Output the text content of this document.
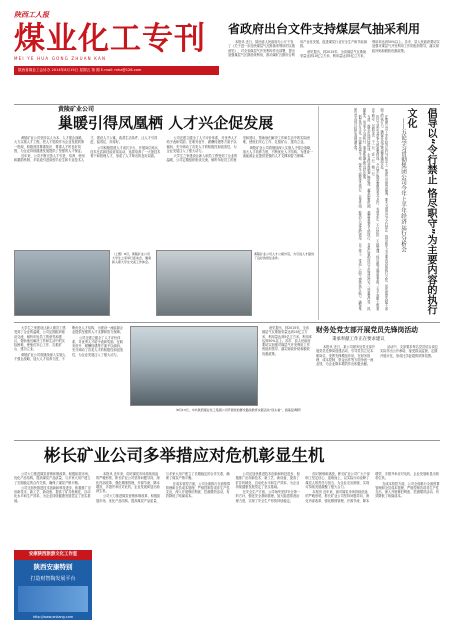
陕西工人报
煤业化工专刊
MEI YE HUA GONG ZHUAN KAN
陕西省煤业工会协办 2014年8月15日 星期五 第 期 E-mail: mhz@126.com
省政府出台文件支持煤层气抽采利用

本报讯 近日，陕西省人民政府办公厅下发了《关于进一步加快煤层气瓦斯抽采利用的实施意见》，对全省煤层气开发利用作出部署，提出加强煤层气瓦斯抽采利用，推动煤矿瓦斯综合利用产业化发展，促进煤炭行业安全生产和节能减排。

意见提出，到2015年，全省煤层气瓦斯抽采量达到10亿立方米，利用量达到5亿立方米，利用率达到50%以上。各市、县人民政府要切实加强对煤层气开发利用工作的组织领导，落实财政补贴和税收优惠政策。

黄陵矿业公司
巢暖引得凤凰栖 人才兴企促发展

黄陵矿业公司坚持以人为本、人才强企战略，大力实施人才工程，把人才资源作为企业发展的第一资源，积极营造尊重知识、尊重人才的良好氛围，为企业持续健康发展提供了坚强的人才保证。

近年来，公司不断完善人才引进、培养、使用和激励机制，多渠道引进高校毕业生和专业技术人才，建设人才公寓，改善生活条件，让人才引得进、留得住、用得好。

公司积极搭建人才成长平台，开展岗位练兵、技术比武和技能竞赛活动，选拔培养了一大批技术骨干和管理人才，形成了人才辈出的良好局面。

公司还建立健全了人才评价体系，对优秀人才给予表彰奖励，在职务晋升、薪酬待遇等方面予以倾斜，充分调动了各类人才的积极性和创造性，为企业发展注入了强大动力。

大学生之家建设让新入职员工感受到了企业的温暖，公司定期组织座谈交流，倾听年轻员工的意见和建议，帮助他们解决工作和生活中的实际困难，使他们安心工作、扎根矿山、建功立业。

黄陵矿业公司将继续深入实施人才强企战略，加大人才培养力度，不断优化人才结构，为建设一流能源企业提供坚强的人才支撑和智力保障。

（上图）8月，黄陵矿业公司大学生之家举行座谈会，邀请新入职大学生交流工作体会。
黄陵矿业公司人才公寓外景，为引进人才提供了良好的居住条件。	在集团公司上半年经济运行分析会上，集团公司领导强调，要大力倡导以“令行禁止、恪尽职守”为主要内容的执行文化，切实提高各级干部职工的执行力，确保各项决策部署落到实处。

执行力是企业竞争力的重要体现。令行禁止就是要做到有令必行、有禁必止，不打折扣、不搞变通；恪尽职守就是要求每一名干部职工都要忠于职守、尽职尽责，干一行、爱一行、精一行。

当前，煤炭市场持续低迷，企业经营面临严峻挑战。越是困难时期，越需要强有力的执行。各单位要把执行文化建设作为一项重要任务，抓紧抓实，形成人人讲执行、事事抓落实的良好局面。

倡导执行文化，关键在领导干部。领导干部要带头执行、以身作则，做执行力建设的表率，以上率下，带动广大职工提高执行能力，确保集团公司各项目标任务圆满完成。	倡导以“令行禁止 恪尽职守”为主要内容的执行文化
——五论学习贯彻集团公司今年上半年经济运行分析会
（8月13日，中共陕西煤业化工集团公司开展党的群众路线教育实践活动“回头看”，到基层调研）

大学生之家建设让新入职员工感受到了企业的温暖，公司定期组织座谈交流，倾听年轻员工的意见和建议，帮助他们解决工作和生活中的实际困难，使他们安心工作、扎根矿山、建功立业。

黄陵矿业公司将继续深入实施人才强企战略，加大人才培养力度，不断优化人才结构，为建设一流能源企业提供坚强的人才支撑和智力保障。

公司还建立健全了人才评价体系，对优秀人才给予表彰奖励，在职务晋升、薪酬待遇等方面予以倾斜，充分调动了各类人才的积极性和创造性，为企业发展注入了强大动力。

意见提出，到2015年，全省煤层气瓦斯抽采量达到10亿立方米，利用量达到5亿立方米，利用率达到50%以上。各市、县人民政府要切实加强对煤层气开发利用工作的组织领导，落实财政补贴和税收优惠政策。

财务处党支部开展党员先锋岗活动
秉承奉献工作正在要求建议

本报讯 近日，某公司财务处党支部开展党员先锋岗创建活动，引导党员立足本职岗位，发挥先锋模范作用，在财务管理、成本控制、资金运作等方面争创一流业绩，为企业降本增效作出积极贡献。

活动中，支部要求每名党员结合岗位实际作出公开承诺，接受群众监督，定期开展评比，形成比学赶超的浓厚氛围。

彬长矿业公司多举措应对危机彰显生机

本报讯 近年来，面对煤炭市场持续低迷的严峻形势，彬长矿业公司坚持问题导向，深化内部改革，强化精细管理，开源节流、降本增效，多措并举应对危机，企业发展彰显出勃勃生机。

公司大力推进煤炭营销体制改革，积极拓展市场，优化产品结构，提高煤炭产品质量，与多家大用户建立了长期稳定的合作关系，确保了煤炭产销平衡。

在成本管控方面，公司全面推行全面预算管理和全员成本管理，严格控制各项非生产性支出，深入开展修旧利废、挖潜增效活动，有效降低了吨煤成本。

公司还加快推进技术创新和科技进步，积极推广应用新技术、新工艺、新设备，提高了矿井机械化、自动化水平和生产效率，为企业持续健康发展奠定了坚实基础。

在安全生产方面，公司始终坚持安全第一的方针，强化安全基础管理，加大隐患排查治理力度，实现了安全生产形势持续稳定。

面对困难和挑战，彬长矿业公司广大干部职工坚定信心、迎难而上，以实际行动诠释了煤炭人的责任与担当，为企业走出困境、实现可持续发展凝聚了强大合力。

本报讯 近年来，面对煤炭市场持续低迷的严峻形势，彬长矿业公司坚持问题导向，深化内部改革，强化精细管理，开源节流、降本增效，多措并举应对危机，企业发展彰显出勃勃生机。

在成本管控方面，公司全面推行全面预算管理和全员成本管理，严格控制各项非生产性支出，深入开展修旧利废、挖潜增效活动，有效降低了吨煤成本。

公司大力推进煤炭营销体制改革，积极拓展市场，优化产品结构，提高煤炭产品质量，与多家大用户建立了长期稳定的合作关系，确保了煤炭产销平衡。

公司还加快推进技术创新和科技进步，积极推广应用新技术、新工艺、新设备，提高了矿井机械化、自动化水平和生产效率，为企业持续健康发展奠定了坚实基础。

安康陕西旅游文化工作室
陕西安康特别
打造财智陶发展平台
http://www.ankang.com
